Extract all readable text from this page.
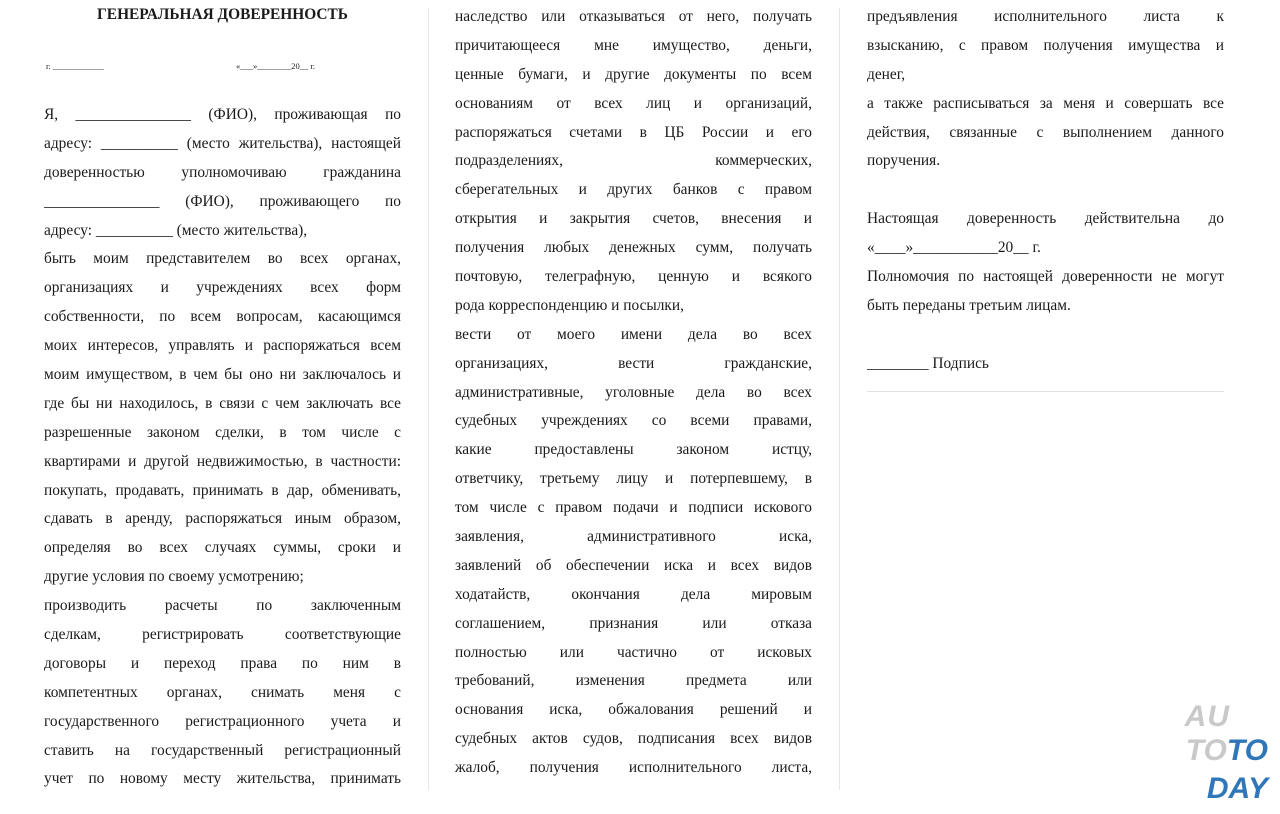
ГЕНЕРАЛЬНАЯ ДОВЕРЕННОСТЬ
г. ____________	«___»________20__ г.
Я, _______________ (ФИО), проживающая по
адресу: __________ (место жительства), настоящей
доверенностью уполномочиваю гражданина
_______________ (ФИО), проживающего по
адресу: __________ (место жительства),
быть моим представителем во всех органах,
организациях и учреждениях всех форм
собственности, по всем вопросам, касающимся
моих интересов, управлять и распоряжаться всем
моим имуществом, в чем бы оно ни заключалось и
где бы ни находилось, в связи с чем заключать все
разрешенные законом сделки, в том числе с
квартирами и другой недвижимостью, в частности:
покупать, продавать, принимать в дар, обменивать,
сдавать в аренду, распоряжаться иным образом,
определяя во всех случаях суммы, сроки и
другие условия по своему усмотрению;
производить расчеты по заключенным
сделкам, регистрировать соответствующие
договоры и переход права по ним в
компетентных органах, снимать меня с
государственного регистрационного учета и
ставить на государственный регистрационный
учет по новому месту жительства, принимать
наследство или отказываться от него, получать
причитающееся мне имущество, деньги,
ценные бумаги, и другие документы по всем
основаниям от всех лиц и организаций,
распоряжаться счетами в ЦБ России и его
подразделениях, коммерческих,
сберегательных и других банков с правом
открытия и закрытия счетов, внесения и
получения любых денежных сумм, получать
почтовую, телеграфную, ценную и всякого
рода корреспонденцию и посылки,
вести от моего имени дела во всех
организациях, вести гражданские,
административные, уголовные дела во всех
судебных учреждениях со всеми правами,
какие предоставлены законом истцу,
ответчику, третьему лицу и потерпевшему, в
том числе с правом подачи и подписи искового
заявления, административного иска,
заявлений об обеспечении иска и всех видов
ходатайств, окончания дела мировым
соглашением, признания или отказа
полностью или частично от исковых
требований, изменения предмета или
основания иска, обжалования решений и
судебных актов судов, подписания всех видов
жалоб, получения исполнительного листа,
предъявления исполнительного листа к
взысканию, с правом получения имущества и
денег,
а также расписываться за меня и совершать все
действия, связанные с выполнением данного
поручения.

Настоящая доверенность действительна до
«____»___________20__ г.
Полномочия по настоящей доверенности не могут
быть переданы третьим лицам.

________ Подпись
AU
TOTO
DAY
